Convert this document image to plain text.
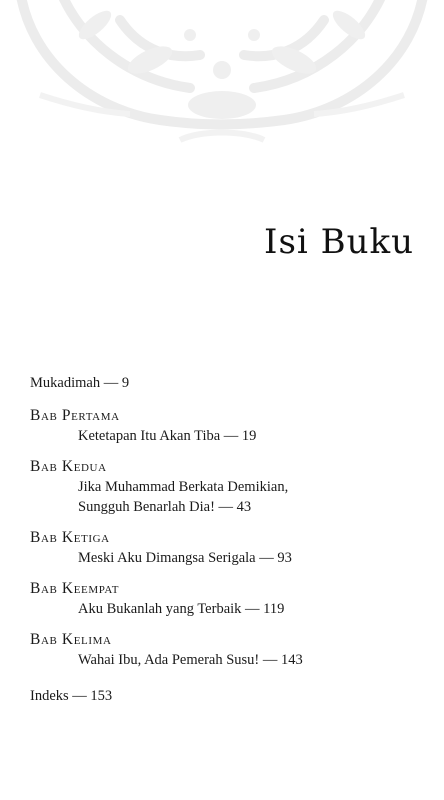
Isi Buku
Mukadimah — 9
Bab Pertama
Ketetapan Itu Akan Tiba — 19
Bab Kedua
Jika Muhammad Berkata Demikian,
Sungguh Benarlah Dia! — 43
Bab Ketiga
Meski Aku Dimangsa Serigala — 93
Bab Keempat
Aku Bukanlah yang Terbaik — 119
Bab Kelima
Wahai Ibu, Ada Pemerah Susu! — 143
Indeks — 153
